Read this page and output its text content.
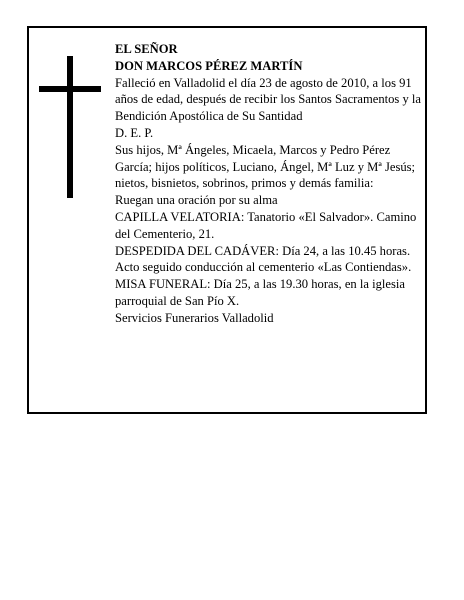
EL SEÑOR

DON MARCOS PÉREZ MARTÍN

Falleció en Valladolid el día 23 de agosto de 2010, a los 91 años de edad, después de recibir los Santos Sacramentos y la Bendición Apostólica de Su Santidad

D. E. P.

Sus hijos, Mª Ángeles, Micaela, Marcos y Pedro Pérez García; hijos políticos, Luciano, Ángel, Mª Luz y Mª Jesús; nietos, bisnietos, sobrinos, primos y demás familia:

Ruegan una oración por su alma

CAPILLA VELATORIA: Tanatorio «El Salvador». Camino del Cementerio, 21.

DESPEDIDA DEL CADÁVER: Día 24, a las 10.45 horas. Acto seguido conducción al cementerio «Las Contiendas».

MISA FUNERAL: Día 25, a las 19.30 horas, en la iglesia parroquial de San Pío X.

Servicios Funerarios Valladolid
